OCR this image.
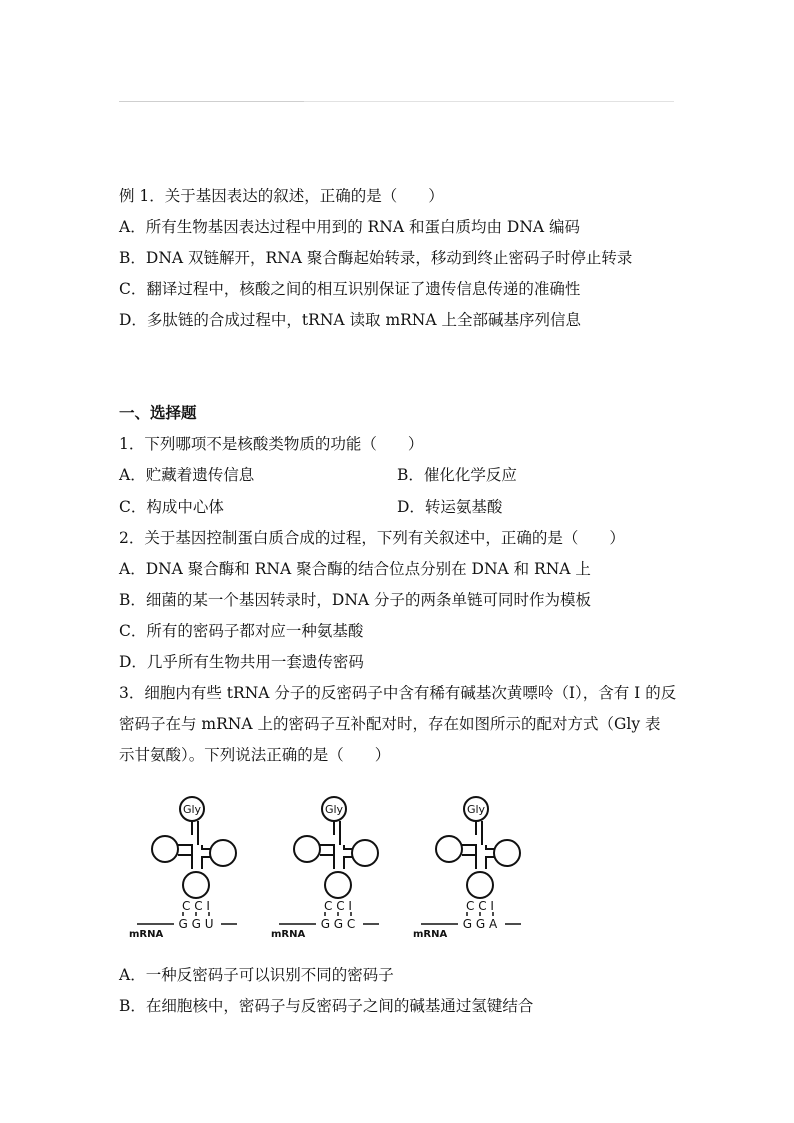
例 1．关于基因表达的叙述，正确的是（　　）
A．所有生物基因表达过程中用到的 RNA 和蛋白质均由 DNA 编码
B．DNA 双链解开，RNA 聚合酶起始转录，移动到终止密码子时停止转录
C．翻译过程中，核酸之间的相互识别保证了遗传信息传递的准确性
D．多肽链的合成过程中，tRNA 读取 mRNA 上全部碱基序列信息
一、选择题
1．下列哪项不是核酸类物质的功能（　　）
A．贮藏着遗传信息	B．催化化学反应
C．构成中心体	D．转运氨基酸
2．关于基因控制蛋白质合成的过程，下列有关叙述中，正确的是（　　）
A．DNA 聚合酶和 RNA 聚合酶的结合位点分别在 DNA 和 RNA 上
B．细菌的某一个基因转录时，DNA 分子的两条单链可同时作为模板
C．所有的密码子都对应一种氨基酸
D．几乎所有生物共用一套遗传密码
3．细胞内有些 tRNA 分子的反密码子中含有稀有碱基次黄嘌呤（I），含有 I 的反
密码子在与 mRNA 上的密码子互补配对时，存在如图所示的配对方式（Gly 表
示甘氨酸）。下列说法正确的是（　　）
Gly
C C I
G G U
mRNA
Gly
C C I
G G C
mRNA
Gly
C C I
G G A
mRNA
A．一种反密码子可以识别不同的密码子
B．在细胞核中，密码子与反密码子之间的碱基通过氢键结合
